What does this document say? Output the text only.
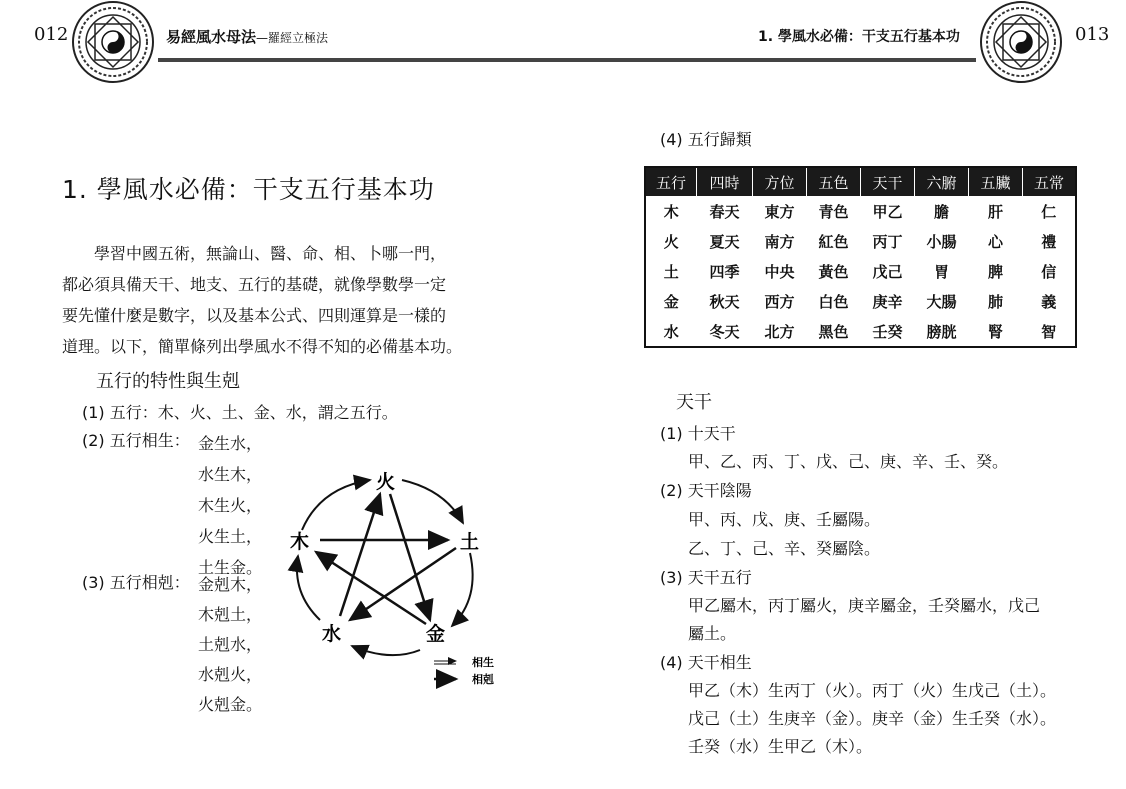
012	易經風水母法—羅經立極法	1. 學風水必備：干支五行基本功	013
1. 學風水必備：干支五行基本功
學習中國五術，無論山、醫、命、相、卜哪一門，
都必須具備天干、地支、五行的基礎，就像學數學一定
要先懂什麼是數字，以及基本公式、四則運算是一樣的
道理。以下，簡單條列出學風水不得不知的必備基本功。
五行的特性與生剋
(1) 五行：木、火、土、金、水，謂之五行。
(2) 五行相生： 金生水，
水生木，
木生火，
火生土，
土生金。
(3) 五行相剋： 金剋木，
木剋土，
土剋水，
水剋火，
火剋金。
火
土
金
水
木
相生
相剋
(4) 五行歸類
五行	四時	方位	五色	天干	六腑	五臟	五常
木	春天	東方	青色	甲乙	膽	肝	仁
火	夏天	南方	紅色	丙丁	小腸	心	禮
土	四季	中央	黃色	戊己	胃	脾	信
金	秋天	西方	白色	庚辛	大腸	肺	義
水	冬天	北方	黑色	壬癸	膀胱	腎	智
天干
(1) 十天干
甲、乙、丙、丁、戊、己、庚、辛、壬、癸。
(2) 天干陰陽
甲、丙、戊、庚、壬屬陽。
乙、丁、己、辛、癸屬陰。
(3) 天干五行
甲乙屬木，丙丁屬火，庚辛屬金，壬癸屬水，戊己
屬土。
(4) 天干相生
甲乙（木）生丙丁（火）。丙丁（火）生戊己（土）。
戊己（土）生庚辛（金）。庚辛（金）生壬癸（水）。
壬癸（水）生甲乙（木）。
